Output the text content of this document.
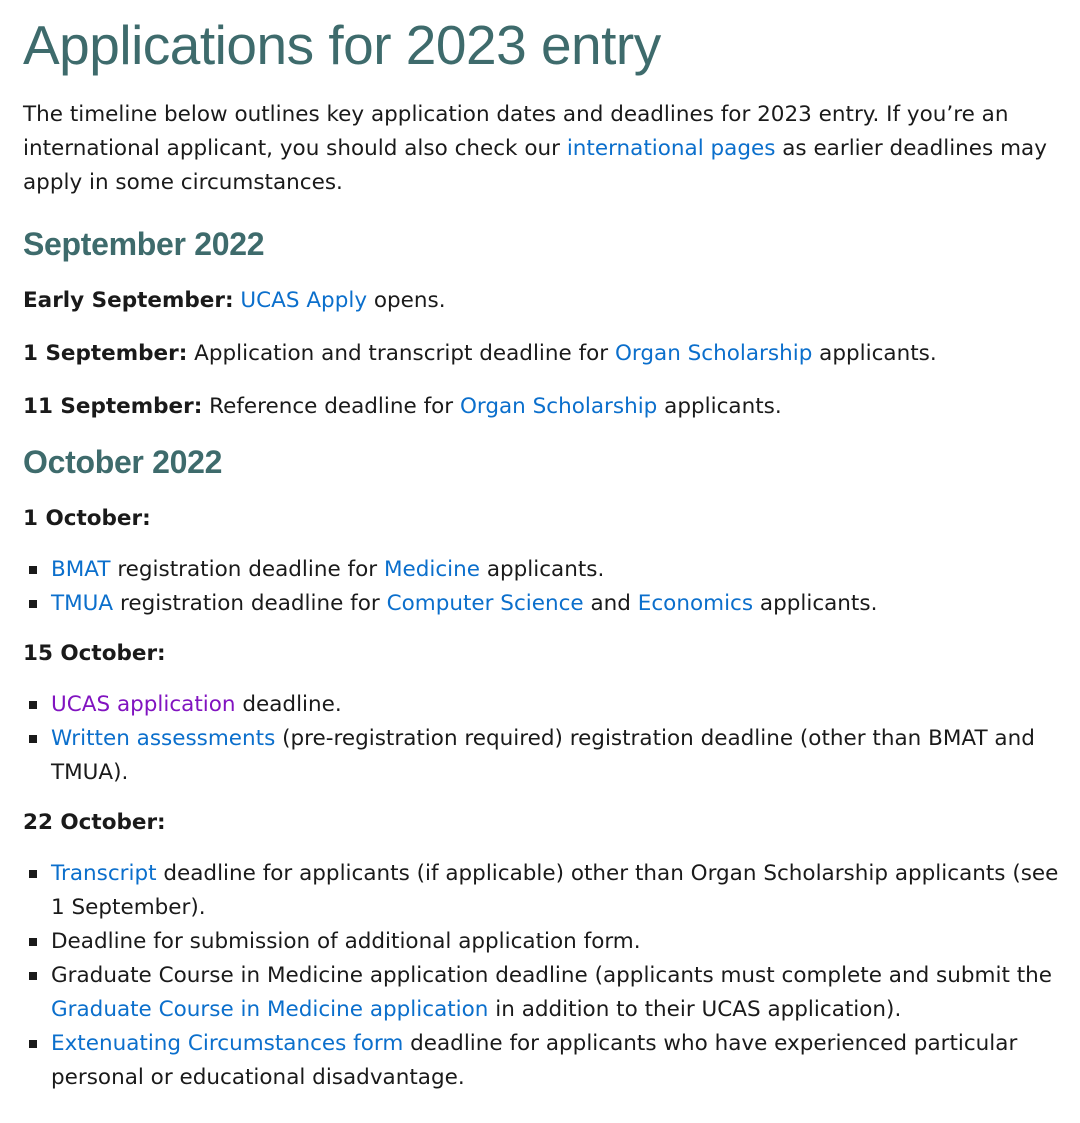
Applications for 2023 entry

The timeline below outlines key application dates and deadlines for 2023 entry. If you’re an international applicant, you should also check our international pages as earlier deadlines may apply in some circumstances.

September 2022

Early September: UCAS Apply opens.

1 September: Application and transcript deadline for Organ Scholarship applicants.

11 September: Reference deadline for Organ Scholarship applicants.

October 2022

1 October:

BMAT registration deadline for Medicine applicants.
TMUA registration deadline for Computer Science and Economics applicants.

15 October:

UCAS application deadline.
Written assessments (pre-registration required) registration deadline (other than BMAT and TMUA).

22 October:

Transcript deadline for applicants (if applicable) other than Organ Scholarship applicants (see 1 September).
Deadline for submission of additional application form.
Graduate Course in Medicine application deadline (applicants must complete and submit the Graduate Course in Medicine application in addition to their UCAS application).
Extenuating Circumstances form deadline for applicants who have experienced particular personal or educational disadvantage.
